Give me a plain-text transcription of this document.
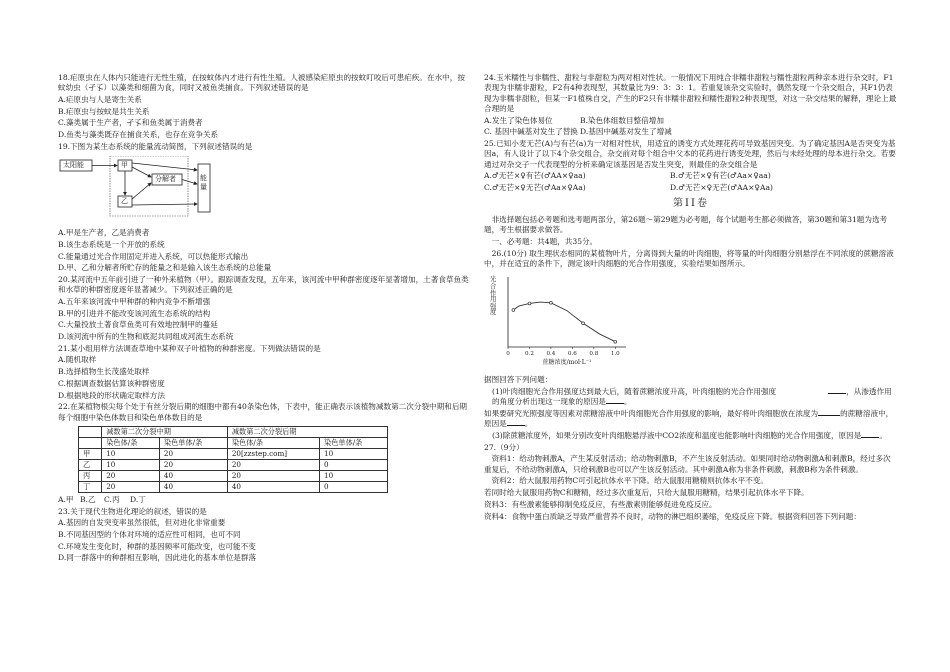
18.疟原虫在人体内只能进行无性生殖，在按蚊体内才进行有性生殖。人被感染疟原虫的按蚊叮咬后可患疟疾。在水中，按蚊幼虫（孑孓）以藻类和细菌为食，同时又被鱼类捕食。下列叙述错误的是

A.疟原虫与人是寄生关系

B.疟原虫与按蚊是共生关系

C.藻类属于生产者，孑孓和鱼类属于消费者

D.鱼类与藻类既存在捕食关系，也存在竞争关系

19.下图为某生态系统的能量流动简图，下列叙述错误的是

太阳能	甲
乙
分解者	能量

A.甲是生产者，乙是消费者

B.该生态系统是一个开放的系统

C.能量通过光合作用固定并进入系统，可以热能形式输出

D.甲、乙和分解者所贮存的能量之和是输入该生态系统的总能量

20.某河流中五年前引进了一种外来植物（甲）。跟踪调查发现，五年来，该河流中甲种群密度逐年显著增加，土著食草鱼类和水草的种群密度逐年显著减少。下列叙述正确的是

A.五年来该河流中甲种群的种内竞争不断增强

B.甲的引进并不能改变该河流生态系统的结构

C.大量投放土著食草鱼类可有效地控制甲的蔓延

D.该河流中所有的生物和底泥共同组成河流生态系统

21.某小组用样方法调查草地中某种双子叶植物的种群密度。下列做法错误的是

A.随机取样

B.选择植物生长茂盛处取样

C.根据调查数据估算该种群密度

D.根据地段的形状确定取样方法

22.在某植物根尖每个处于有丝分裂后期的细胞中都有40条染色体，下表中，能正确表示该植物减数第二次分裂中期和后期每个细胞中染色体数目和染色单体数目的是

	减数第二次分裂中期		减数第二次分裂后期	
	染色体/条	染色单体/条	染色体/条	染色单体/条
甲	10	20	20[zzstep.com]	10
乙	10	20	20	0
丙	20	40	20	10
丁	20	40	40	0

A.甲 B.乙	C.丙	D.丁

23.关于现代生物进化理论的叙述，错误的是

A.基因的自发突变率虽然很低，但对进化非常重要

B.不同基因型的个体对环境的适应性可相同，也可不同

C.环境发生变化时，种群的基因频率可能改变，也可能不变

D.同一群落中的种群相互影响，因此进化的基本单位是群落

24.玉米糯性与非糯性、甜粒与非甜粒为两对相对性状。一般情况下用纯合非糯非甜粒与糯性甜粒两种亲本进行杂交时，F1表现为非糯非甜粒，F2有4种表现型，其数量比为9：3：3：1。若重复该杂交实验时，偶然发现一个杂交组合，其F1仍表现为非糯非甜粒，但某一F1植株自交，产生的F2只有非糯非甜粒和糯性甜粒2种表现型，对这一杂交结果的解释，理论上最合理的是

A.发生了染色体易位	B.染色体组数目整倍增加

C. 基因中碱基对发生了替换 D.基因中碱基对发生了增减

25.已知小麦无芒(A)与有芒(a)为一对相对性状，用适宜的诱变方式处理花药可导致基因突变。为了确定基因A是否突变为基因a，有人设计了以下4个杂交组合，杂交前对每个组合中父本的花药进行诱变处理，然后与未经处理的母本进行杂交。若要通过对杂交子一代表现型的分析来确定该基因是否发生突变，则最佳的杂交组合是

A.♂无芒×♀有芒(♂AA×♀aa)	B.♂无芒×♀有芒(♂Aa×♀aa)

C.♂无芒×♀无芒(♂Aa×♀Aa)	D.♂无芒×♀无芒(♂AA×♀Aa)

第II卷

非选择题包括必考题和选考题两部分，第26题～第29题为必考题，每个试题考生都必须做答，第30题和第31题为选考题，考生根据要求做答。

一、必考题：共4题，共35分。

26.(10分) 取生理状态相同的某植物叶片，分离得到大量的叶肉细胞，将等量的叶肉细胞分别悬浮在不同浓度的蔗糖溶液中，并在适宜的条件下，测定该叶肉细胞的光合作用强度，实验结果如图所示。

0	0.2 0.4 0.6 0.8 1.0
蔗糖浓度/mol·L⁻¹
光合作用强度

据图回答下列问题：

(1)叶肉细胞光合作用强度达到最大后，随着蔗糖浓度升高，叶肉细胞的光合作用强度	，从渗透作用的角度分析出现这一现象的原因是 。

如果要研究光照强度等因素对蔗糖溶液中叶肉细胞光合作用强度的影响，最好将叶肉细胞放在浓度为	的蔗糖溶液中，原因是 。

(3)除蔗糖浓度外，如果分别改变叶肉细胞悬浮液中CO2浓度和温度也能影响叶肉细胞的光合作用强度，原因是 。

27.（9分）

资料1：给动物刺激A，产生某反射活动；给动物刺激B，不产生该反射活动。如果同时给动物刺激A和刺激B，经过多次重复后，不给动物刺激A，只给刺激B也可以产生该反射活动。其中刺激A称为非条件刺激，刺激B称为条件刺激。

资料2：给大鼠服用药物C可引起抗体水平下降。给大鼠服用糖精则抗体水平不变。

若同时给大鼠服用药物C和糖精，经过多次重复后，只给大鼠服用糖精，结果引起抗体水平下降。

资料3：有些激素能够抑制免疫反应，有些激素则能够促进免疫反应。

资料4：食物中蛋白质缺乏导致严重营养不良时，动物的淋巴组织萎缩，免疫反应下降。根据资料回答下列问题：
